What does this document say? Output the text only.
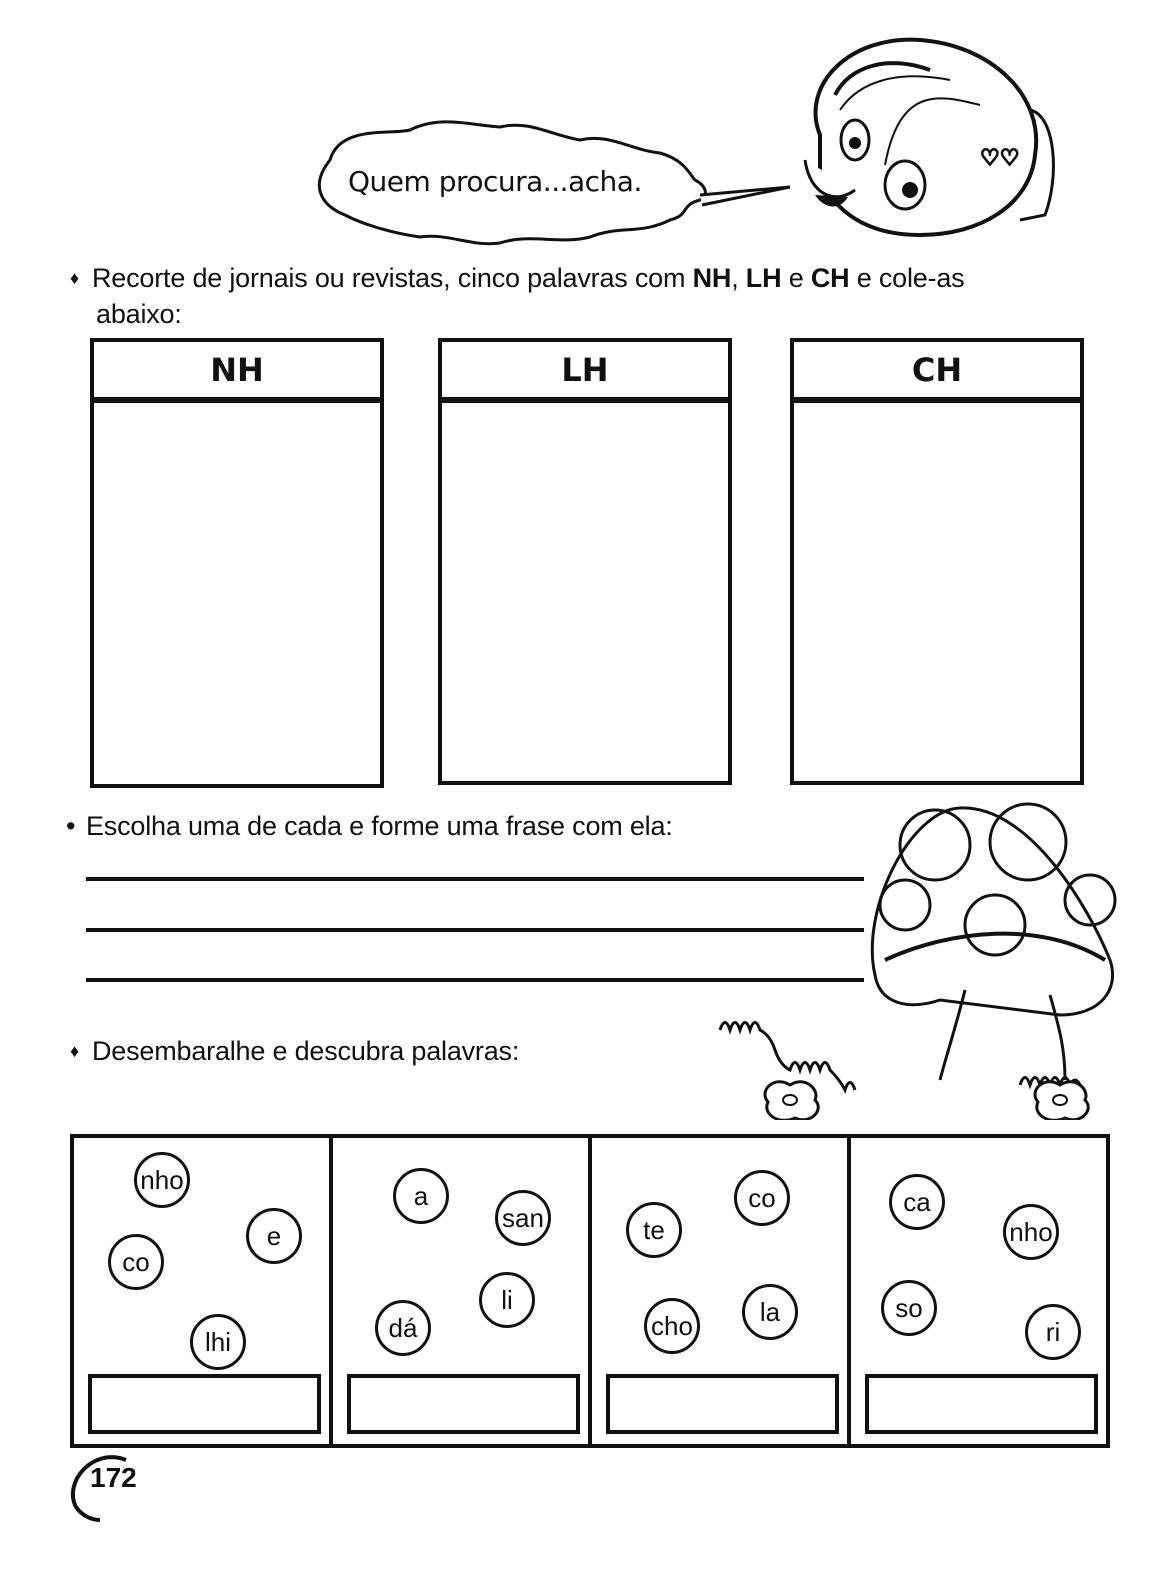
Quem procura...acha.
♡♡
♦ Recorte de jornais ou revistas, cinco palavras com NH, LH e CH e cole-as
abaixo:
NH	LH	CH
• Escolha uma de cada e forme uma frase com ela:
♦ Desembaralhe e descubra palavras:
nho
e
co
lhi
a
san
li
dá
co
te
cho	la
ca
nho
so
ri
172
